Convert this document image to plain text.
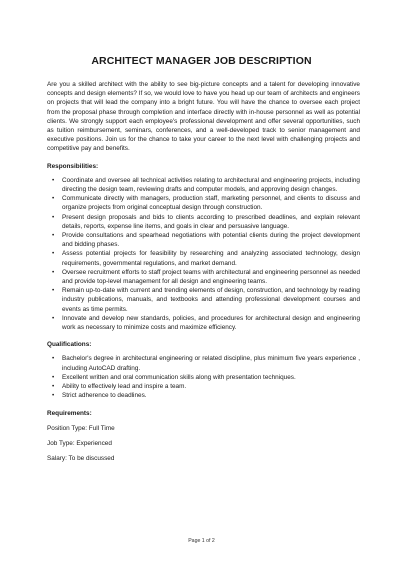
ARCHITECT MANAGER JOB DESCRIPTION

Are you a skilled architect with the ability to see big-picture concepts and a talent for developing innovative concepts and design elements? If so, we would love to have you head up our team of architects and engineers on projects that will lead the company into a bright future. You will have the chance to oversee each project from the proposal phase through completion and interface directly with in-house personnel as well as potential clients. We strongly support each employee's professional development and offer several opportunities, such as tuition reimbursement, seminars, conferences, and a well-developed track to senior management and executive positions. Join us for the chance to take your career to the next level with challenging projects and competitive pay and benefits.

Responsibilities:
• Coordinate and oversee all technical activities relating to architectural and engineering projects, including directing the design team, reviewing drafts and computer models, and approving design changes.
• Communicate directly with managers, production staff, marketing personnel, and clients to discuss and organize projects from original conceptual design through construction.
• Present design proposals and bids to clients according to prescribed deadlines, and explain relevant details, reports, expense line items, and goals in clear and persuasive language.
• Provide consultations and spearhead negotiations with potential clients during the project development and bidding phases.
• Assess potential projects for feasibility by researching and analyzing associated technology, design requirements, governmental regulations, and market demand.
• Oversee recruitment efforts to staff project teams with architectural and engineering personnel as needed and provide top-level management for all design and engineering teams.
• Remain up-to-date with current and trending elements of design, construction, and technology by reading industry publications, manuals, and textbooks and attending professional development courses and events as time permits.
• Innovate and develop new standards, policies, and procedures for architectural design and engineering work as necessary to minimize costs and maximize efficiency.
Qualifications:
• Bachelor's degree in architectural engineering or related discipline, plus minimum five years experience , including AutoCAD drafting.
• Excellent written and oral communication skills along with presentation techniques.
• Ability to effectively lead and inspire a team.
• Strict adherence to deadlines.
Requirements:

Position Type: Full Time

Job Type: Experienced

Salary: To be discussed

Page 1 of 2
